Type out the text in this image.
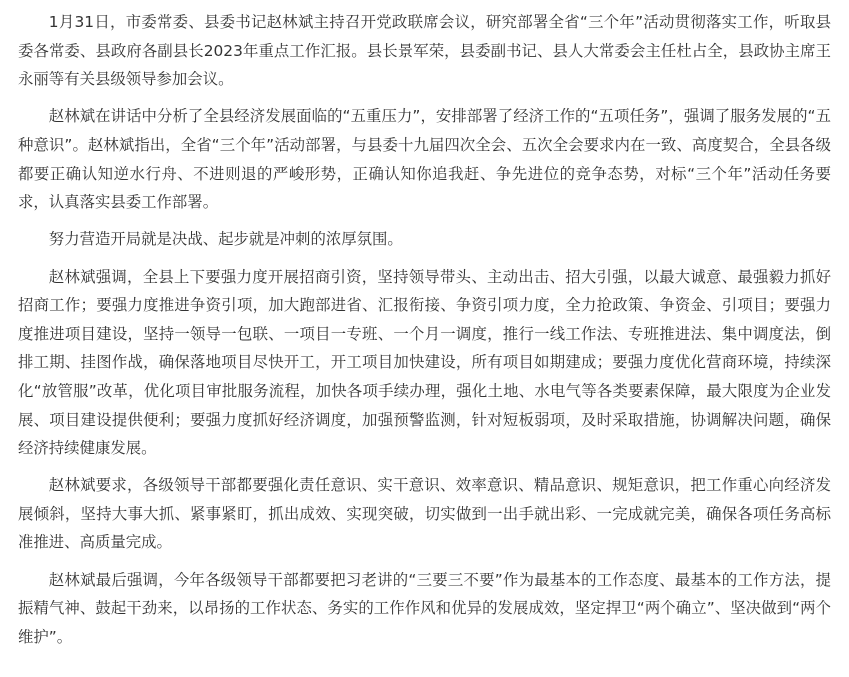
1月31日，市委常委、县委书记赵林斌主持召开党政联席会议，研究部署全省“三个年”活动贯彻落实工作，听取县委各常委、县政府各副县长2023年重点工作汇报。县长景军荣，县委副书记、县人大常委会主任杜占全，县政协主席王永丽等有关县级领导参加会议。

赵林斌在讲话中分析了全县经济发展面临的“五重压力”，安排部署了经济工作的“五项任务”，强调了服务发展的“五种意识”。赵林斌指出，全省“三个年”活动部署，与县委十九届四次全会、五次全会要求内在一致、高度契合，全县各级都要正确认知逆水行舟、不进则退的严峻形势，正确认知你追我赶、争先进位的竞争态势，对标“三个年”活动任务要求，认真落实县委工作部署。

努力营造开局就是决战、起步就是冲刺的浓厚氛围。

赵林斌强调，全县上下要强力度开展招商引资，坚持领导带头、主动出击、招大引强，以最大诚意、最强毅力抓好招商工作；要强力度推进争资引项，加大跑部进省、汇报衔接、争资引项力度，全力抢政策、争资金、引项目；要强力度推进项目建设，坚持一领导一包联、一项目一专班、一个月一调度，推行一线工作法、专班推进法、集中调度法，倒排工期、挂图作战，确保落地项目尽快开工，开工项目加快建设，所有项目如期建成；要强力度优化营商环境，持续深化“放管服”改革，优化项目审批服务流程，加快各项手续办理，强化土地、水电气等各类要素保障，最大限度为企业发展、项目建设提供便利；要强力度抓好经济调度，加强预警监测，针对短板弱项，及时采取措施，协调解决问题，确保经济持续健康发展。

赵林斌要求，各级领导干部都要强化责任意识、实干意识、效率意识、精品意识、规矩意识，把工作重心向经济发展倾斜，坚持大事大抓、紧事紧盯，抓出成效、实现突破，切实做到一出手就出彩、一完成就完美，确保各项任务高标准推进、高质量完成。

赵林斌最后强调，今年各级领导干部都要把习老讲的“三要三不要”作为最基本的工作态度、最基本的工作方法，提振精气神、鼓起干劲来，以昂扬的工作状态、务实的工作作风和优异的发展成效，坚定捍卫“两个确立”、坚决做到“两个维护”。
